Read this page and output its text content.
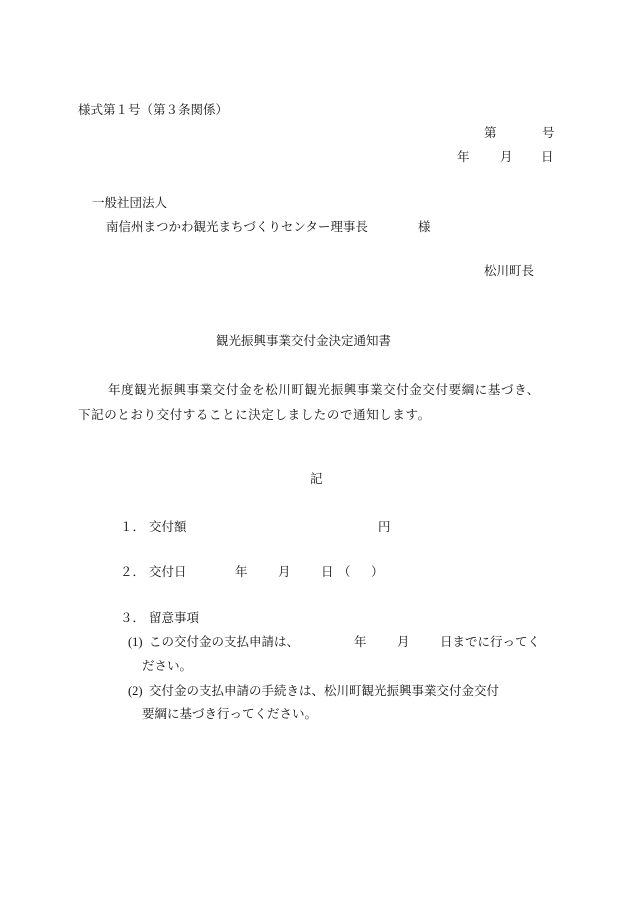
様式第１号（第３条関係）
第	号
年 月 日
一般社団法人
南信州まつかわ観光まちづくりセンター理事長	様
松川町長
観光振興事業交付金決定通知書
年度観光振興事業交付金を松川町観光振興事業交付金交付要綱に基づき、下記のとおり交付することに決定しましたので通知します。
記
１． 交付額	円
２． 交付日	年 月 日 （ ）
３． 留意事項
(1) この交付金の支払申請は、	年 月 日までに行ってく
ださい。
(2) 交付金の支払申請の手続きは、松川町観光振興事業交付金交付
要綱に基づき行ってください。
